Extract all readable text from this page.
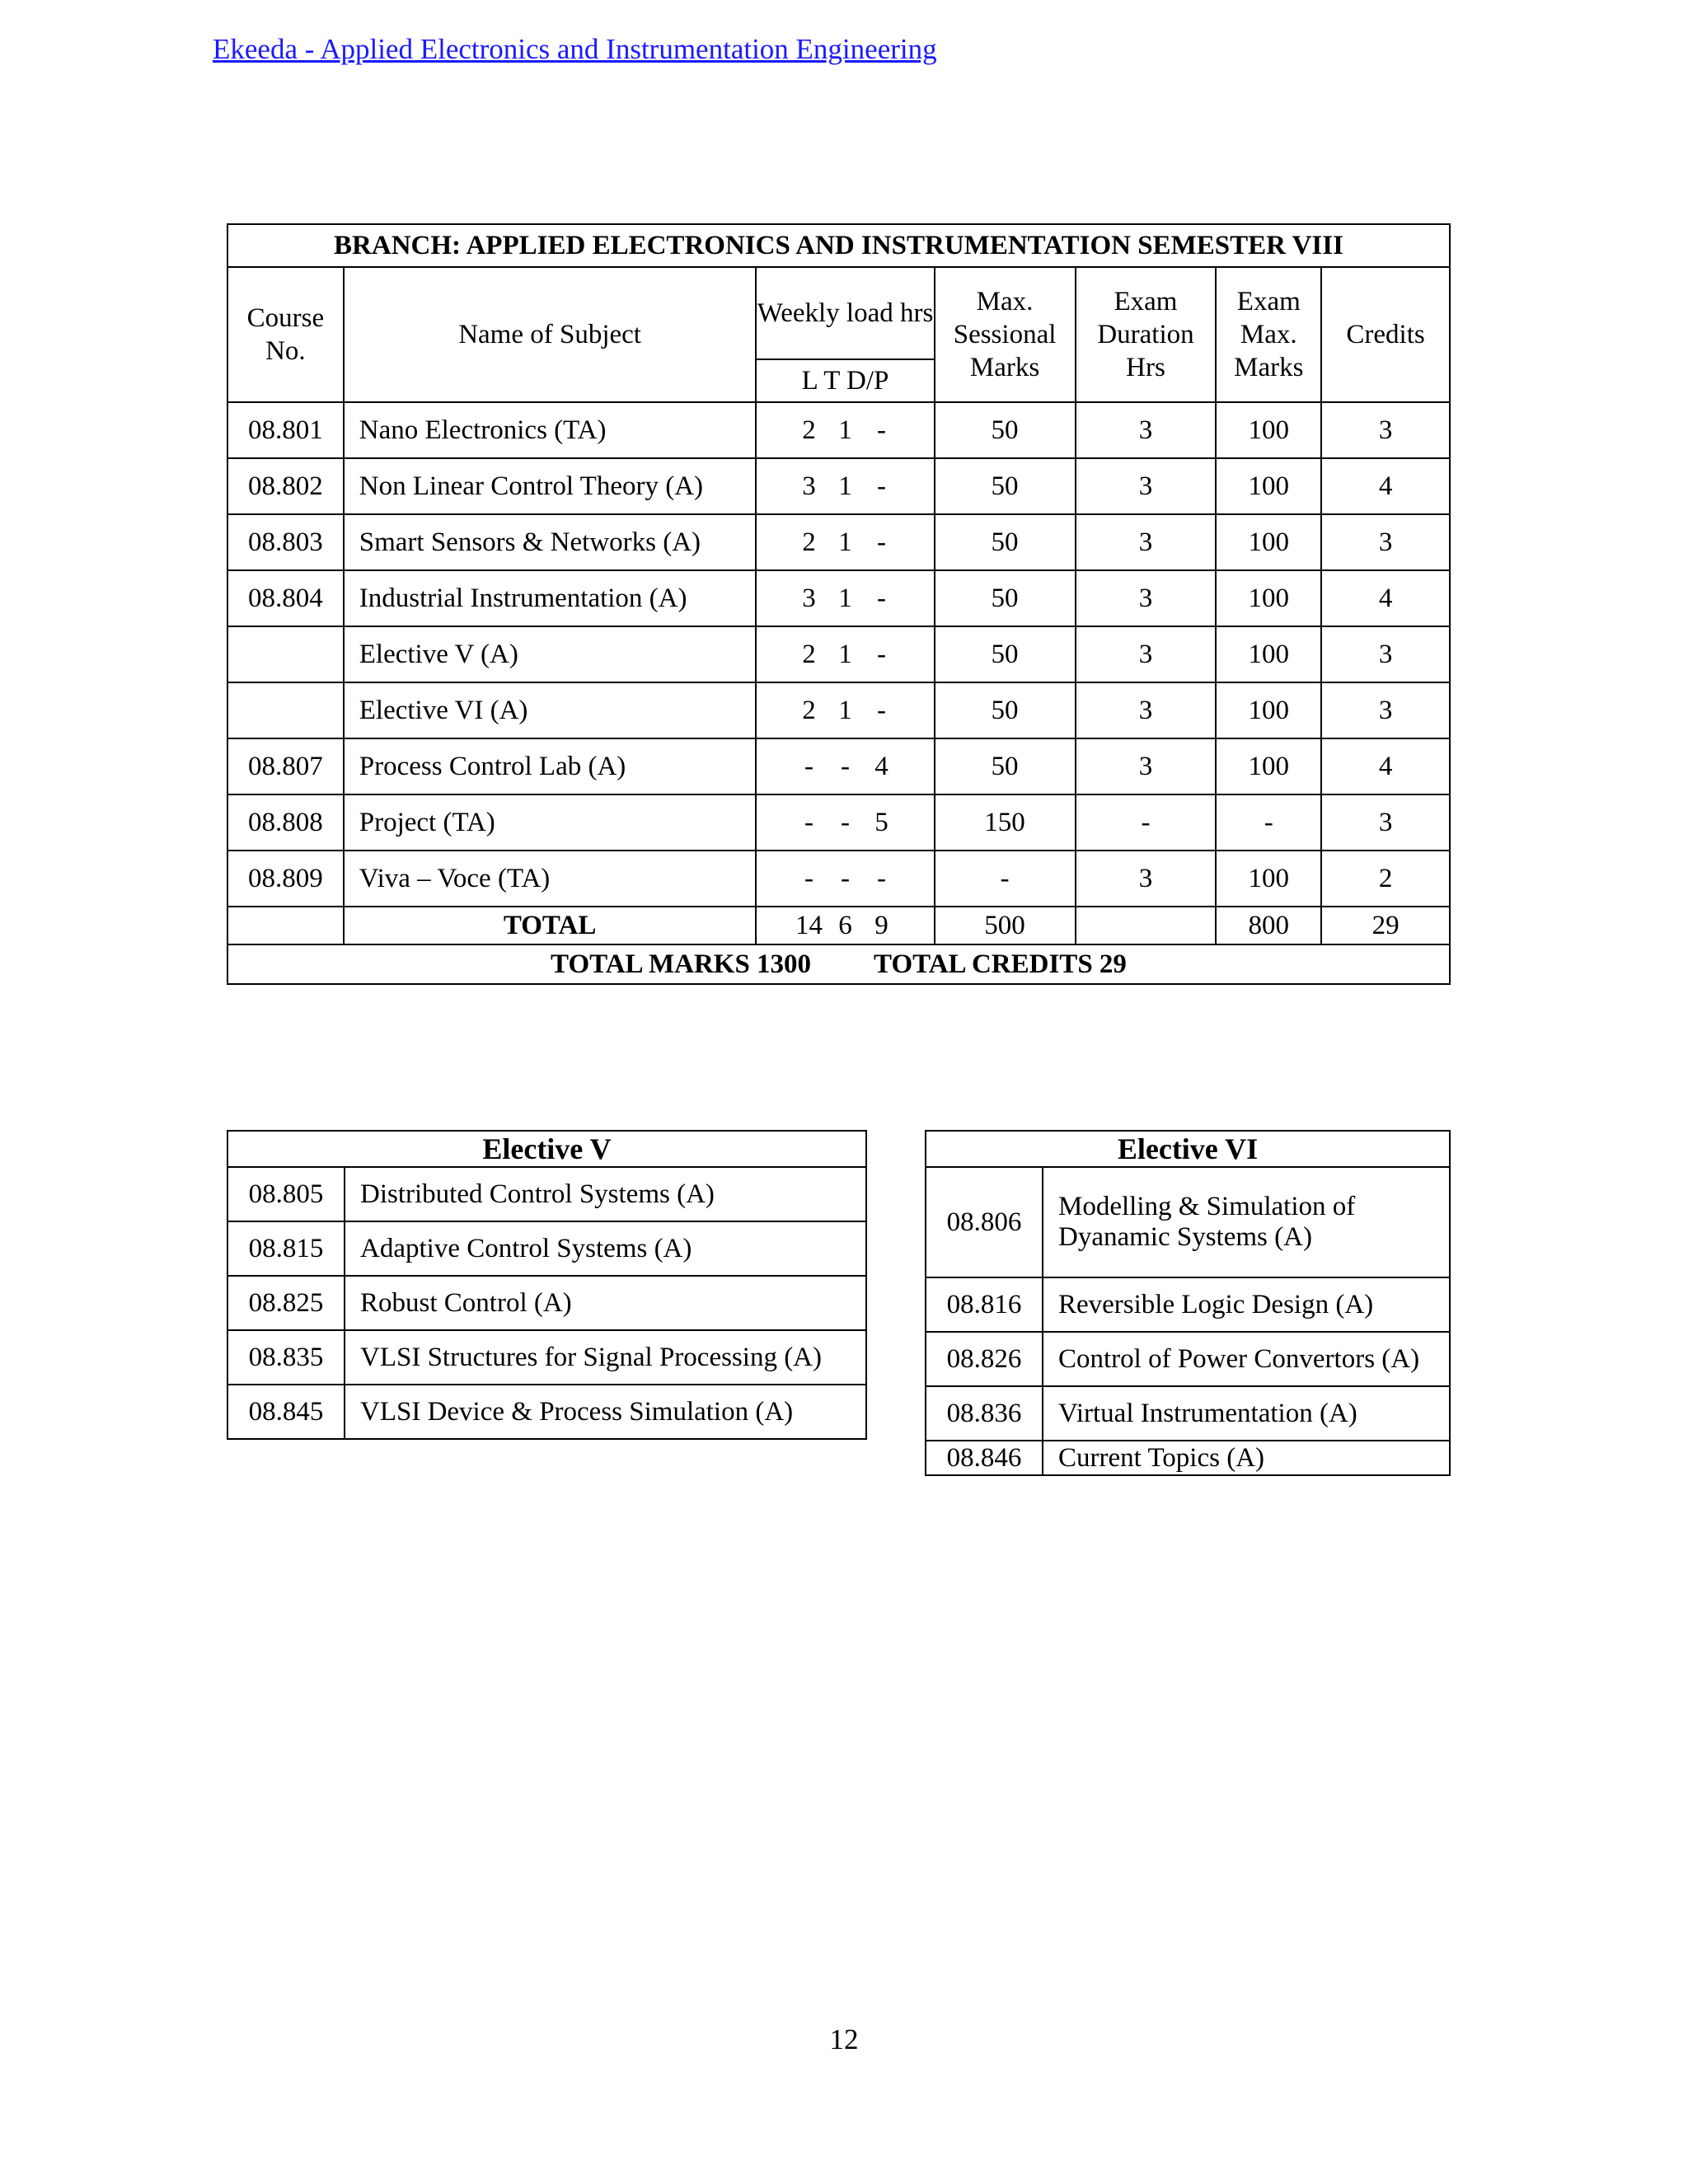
Ekeeda - Applied Electronics and Instrumentation Engineering
BRANCH: APPLIED ELECTRONICS AND INSTRUMENTATION SEMESTER VIII						
Course No.	Name of Subject	Weekly load hrs	Max. Sessional Marks	Exam Duration Hrs	Exam Max. Marks	Credits
		L T D/P				
08.801	Nano Electronics (TA)	2 1 -	50	3	100	3
08.802	Non Linear Control Theory (A)	3 1 -	50	3	100	4
08.803	Smart Sensors & Networks (A)	2 1 -	50	3	100	3
08.804	Industrial Instrumentation (A)	3 1 -	50	3	100	4
	Elective V (A)	2 1 -	50	3	100	3
	Elective VI (A)	2 1 -	50	3	100	3
08.807	Process Control Lab (A)	- - 4	50	3	100	4
08.808	Project (TA)	- - 5	150	-	-	3
08.809	Viva – Voce (TA)	- - -	-	3	100	2
	TOTAL	14 6 9	500		800	29
TOTAL MARKS 1300 TOTAL CREDITS 29						
Elective V	
08.805	Distributed Control Systems (A)
08.815	Adaptive Control Systems (A)
08.825	Robust Control (A)
08.835	VLSI Structures for Signal Processing (A)
08.845	VLSI Device & Process Simulation (A)
Elective VI	
08.806	Modelling & Simulation of Dyanamic Systems (A)
08.816	Reversible Logic Design (A)
08.826	Control of Power Convertors (A)
08.836	Virtual Instrumentation (A)
08.846	Current Topics (A)
12
